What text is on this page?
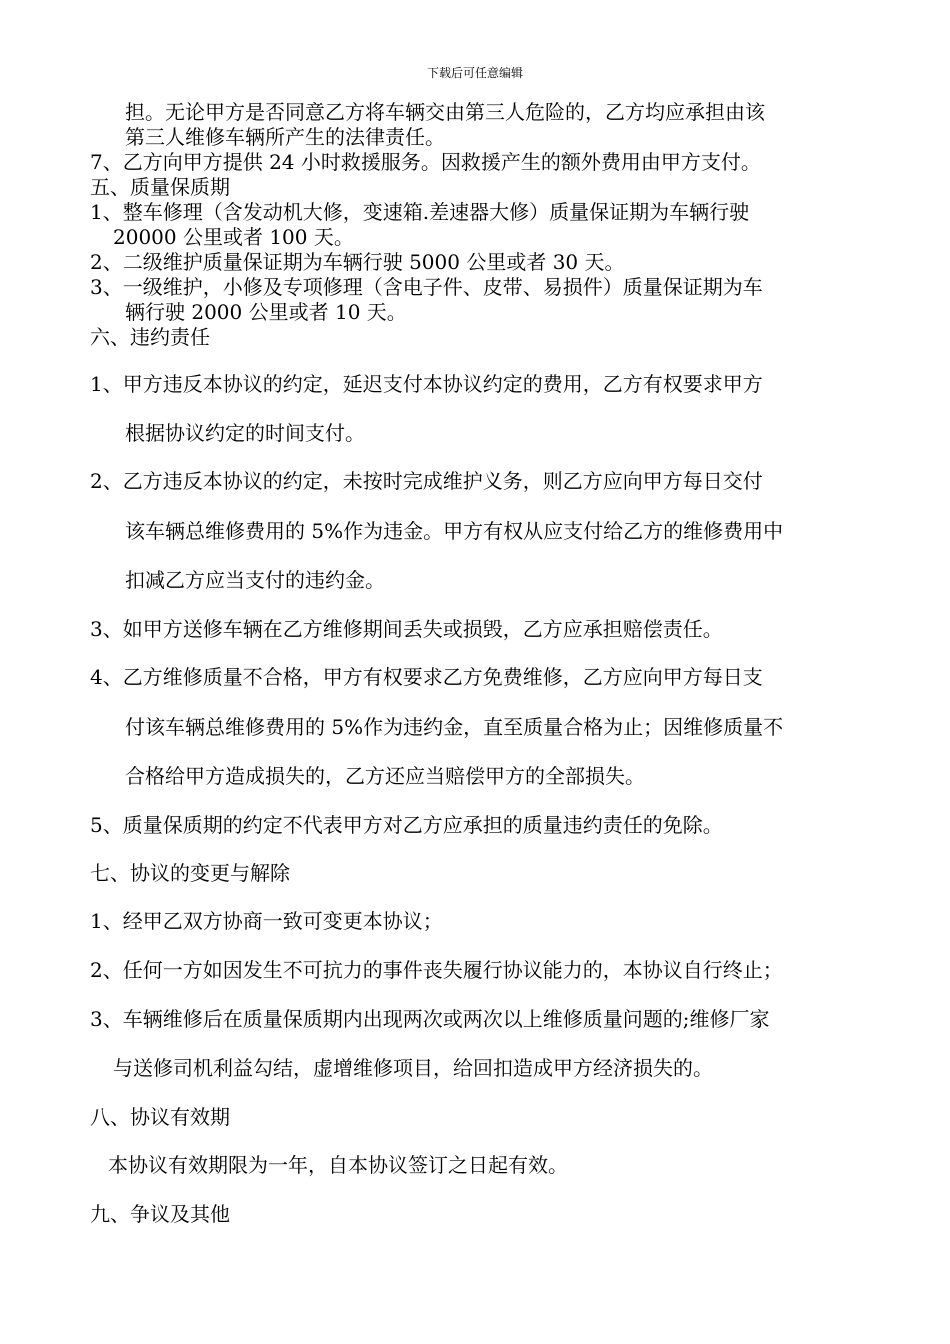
下载后可任意编辑
担。无论甲方是否同意乙方将车辆交由第三人危险的，乙方均应承担由该
第三人维修车辆所产生的法律责任。
7、乙方向甲方提供 24 小时救援服务。因救援产生的额外费用由甲方支付。
五、质量保质期
1、整车修理（含发动机大修，变速箱.差速器大修）质量保证期为车辆行驶
20000 公里或者 100 天。
2、二级维护质量保证期为车辆行驶 5000 公里或者 30 天。
3、一级维护，小修及专项修理（含电子件、皮带、易损件）质量保证期为车
辆行驶 2000 公里或者 10 天。
六、违约责任
1、甲方违反本协议的约定，延迟支付本协议约定的费用，乙方有权要求甲方
根据协议约定的时间支付。
2、乙方违反本协议的约定，未按时完成维护义务，则乙方应向甲方每日交付
该车辆总维修费用的 5%作为违金。甲方有权从应支付给乙方的维修费用中
扣减乙方应当支付的违约金。
3、如甲方送修车辆在乙方维修期间丢失或损毁，乙方应承担赔偿责任。
4、乙方维修质量不合格，甲方有权要求乙方免费维修，乙方应向甲方每日支
付该车辆总维修费用的 5%作为违约金，直至质量合格为止；因维修质量不
合格给甲方造成损失的，乙方还应当赔偿甲方的全部损失。
5、质量保质期的约定不代表甲方对乙方应承担的质量违约责任的免除。
七、协议的变更与解除
1、经甲乙双方协商一致可变更本协议；
2、任何一方如因发生不可抗力的事件丧失履行协议能力的，本协议自行终止；
3、车辆维修后在质量保质期内出现两次或两次以上维修质量问题的;维修厂家
与送修司机利益勾结，虚增维修项目，给回扣造成甲方经济损失的。
八、协议有效期
本协议有效期限为一年，自本协议签订之日起有效。
九、争议及其他
